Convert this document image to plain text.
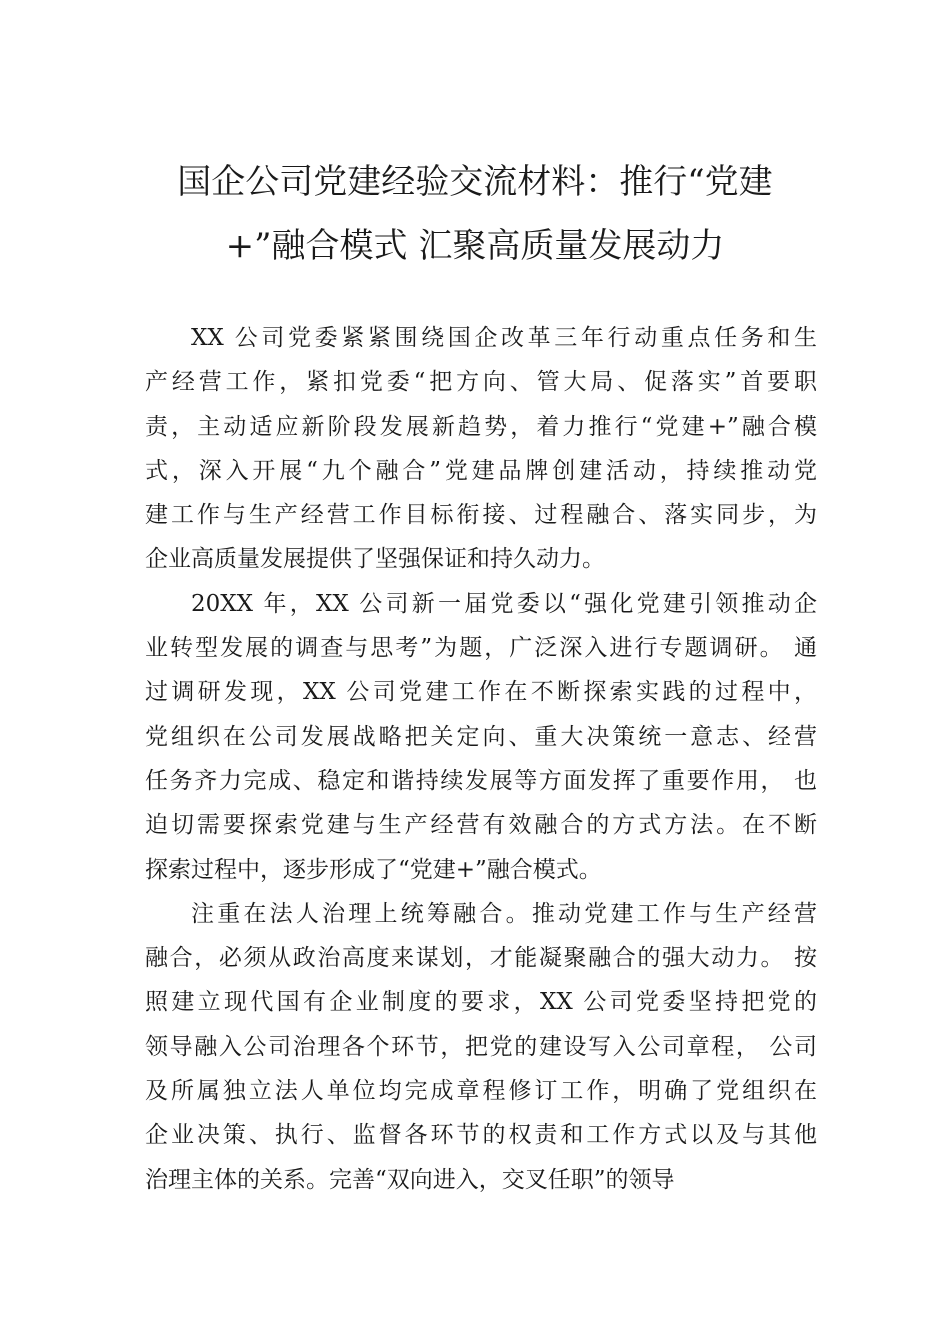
国企公司党建经验交流材料：推行“党建
+”融合模式 汇聚高质量发展动力
XX 公司党委紧紧围绕国企改革三年行动重点任务和生
产经营工作，紧扣党委“把方向、管大局、促落实”首要职
责，主动适应新阶段发展新趋势，着力推行“党建+”融合模
式，深入开展“九个融合”党建品牌创建活动，持续推动党
建工作与生产经营工作目标衔接、过程融合、落实同步，为
企业高质量发展提供了坚强保证和持久动力。
20XX 年，XX 公司新一届党委以“强化党建引领推动企
业转型发展的调查与思考”为题，广泛深入进行专题调研。 通
过调研发现，XX 公司党建工作在不断探索实践的过程中，
党组织在公司发展战略把关定向、重大决策统一意志、经营
任务齐力完成、稳定和谐持续发展等方面发挥了重要作用， 也
迫切需要探索党建与生产经营有效融合的方式方法。在不断
探索过程中，逐步形成了“党建+”融合模式。
注重在法人治理上统筹融合。推动党建工作与生产经营
融合，必须从政治高度来谋划，才能凝聚融合的强大动力。 按
照建立现代国有企业制度的要求，XX 公司党委坚持把党的
领导融入公司治理各个环节，把党的建设写入公司章程， 公司
及所属独立法人单位均完成章程修订工作，明确了党组织在
企业决策、执行、监督各环节的权责和工作方式以及与其他
治理主体的关系。完善“双向进入，交叉任职”的领导
